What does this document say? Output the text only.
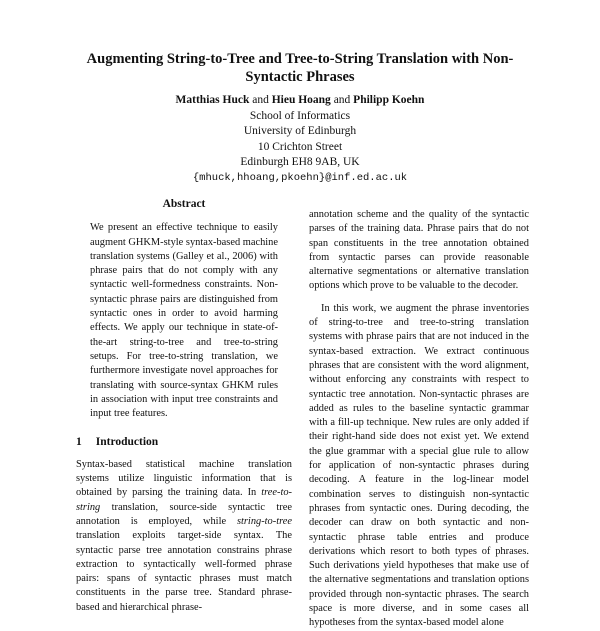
Augmenting String-to-Tree and Tree-to-String Translation with Non-Syntactic Phrases
Matthias Huck and Hieu Hoang and Philipp Koehn
School of Informatics
University of Edinburgh
10 Crichton Street
Edinburgh EH8 9AB, UK
{mhuck,hhoang,pkoehn}@inf.ed.ac.uk
Abstract

We present an effective technique to easily augment GHKM-style syntax-based machine translation systems (Galley et al., 2006) with phrase pairs that do not comply with any syntactic well-formedness constraints. Non-syntactic phrase pairs are distinguished from syntactic ones in order to avoid harming effects. We apply our technique in state-of-the-art string-to-tree and tree-to-string setups. For tree-to-string translation, we furthermore investigate novel approaches for translating with source-syntax GHKM rules in association with input tree constraints and input tree features.

1 Introduction

Syntax-based statistical machine translation systems utilize linguistic information that is obtained by parsing the training data. In tree-to-string translation, source-side syntactic tree annotation is employed, while string-to-tree translation exploits target-side syntax. The syntactic parse tree annotation constrains phrase extraction to syntactically well-formed phrase pairs: spans of syntactic phrases must match constituents in the parse tree. Standard phrase-based and hierarchical phrase-

annotation scheme and the quality of the syntactic parses of the training data. Phrase pairs that do not span constituents in the tree annotation obtained from syntactic parses can provide reasonable alternative segmentations or alternative translation options which prove to be valuable to the decoder.

In this work, we augment the phrase inventories of string-to-tree and tree-to-string translation systems with phrase pairs that are not induced in the syntax-based extraction. We extract continuous phrases that are consistent with the word alignment, without enforcing any constraints with respect to syntactic tree annotation. Non-syntactic phrases are added as rules to the baseline syntactic grammar with a fill-up technique. New rules are only added if their right-hand side does not exist yet. We extend the glue grammar with a special glue rule to allow for application of non-syntactic phrases during decoding. A feature in the log-linear model combination serves to distinguish non-syntactic phrases from syntactic ones. During decoding, the decoder can draw on both syntactic and non-syntactic phrase table entries and produce derivations which resort to both types of phrases. Such derivations yield hypotheses that make use of the alternative segmentations and translation options provided through non-syntactic phrases. The search space is more diverse, and in some cases all hypotheses from the syntax-based model alone
